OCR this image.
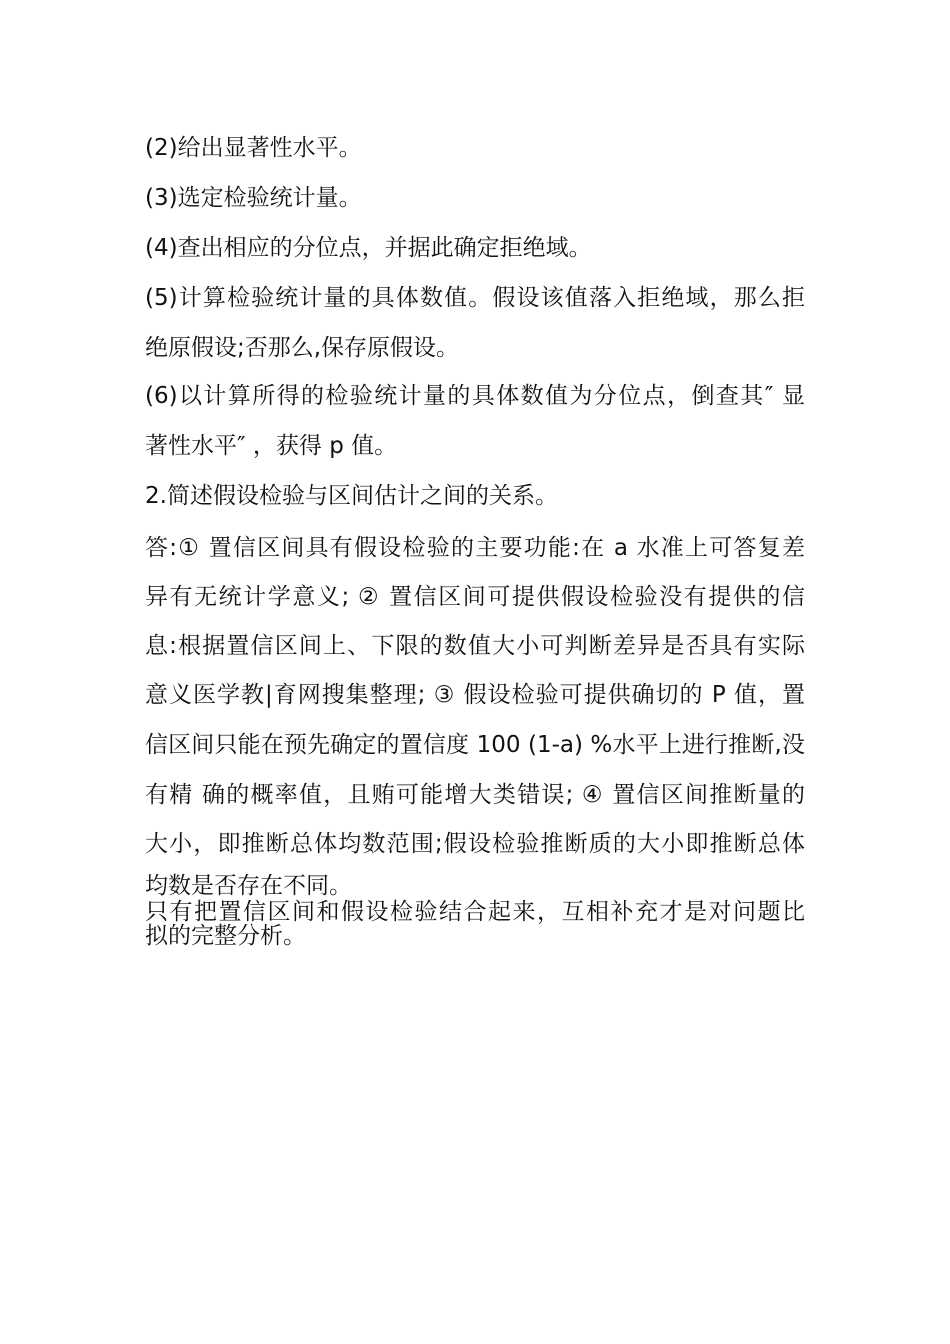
(2)给出显著性水平。
(3)选定检验统计量。
(4)查出相应的分位点，并据此确定拒绝域。
(5)计算检验统计量的具体数值。假设该值落入拒绝域，那么拒
绝原假设;否那么,保存原假设。
(6)以计算所得的检验统计量的具体数值为分位点，倒查其″ 显
著性水平″ ，获得 p 值。
2.简述假设检验与区间估计之间的关系。
答:① 置信区间具有假设检验的主要功能:在 a 水准上可答复差
异有无统计学意义; ② 置信区间可提供假设检验没有提供的信
息:根据置信区间上、下限的数值大小可判断差异是否具有实际
意义医学教|育网搜集整理; ③ 假设检验可提供确切的 P 值，置
信区间只能在预先确定的置信度 100 (1-a) %水平上进行推断,没
有精 确的概率值，且贿可能增大类错误; ④ 置信区间推断量的
大小，即推断总体均数范围;假设检验推断质的大小即推断总体
均数是否存在不同。
只有把置信区间和假设检验结合起来，互相补充才是对问题比
拟的完整分析。
